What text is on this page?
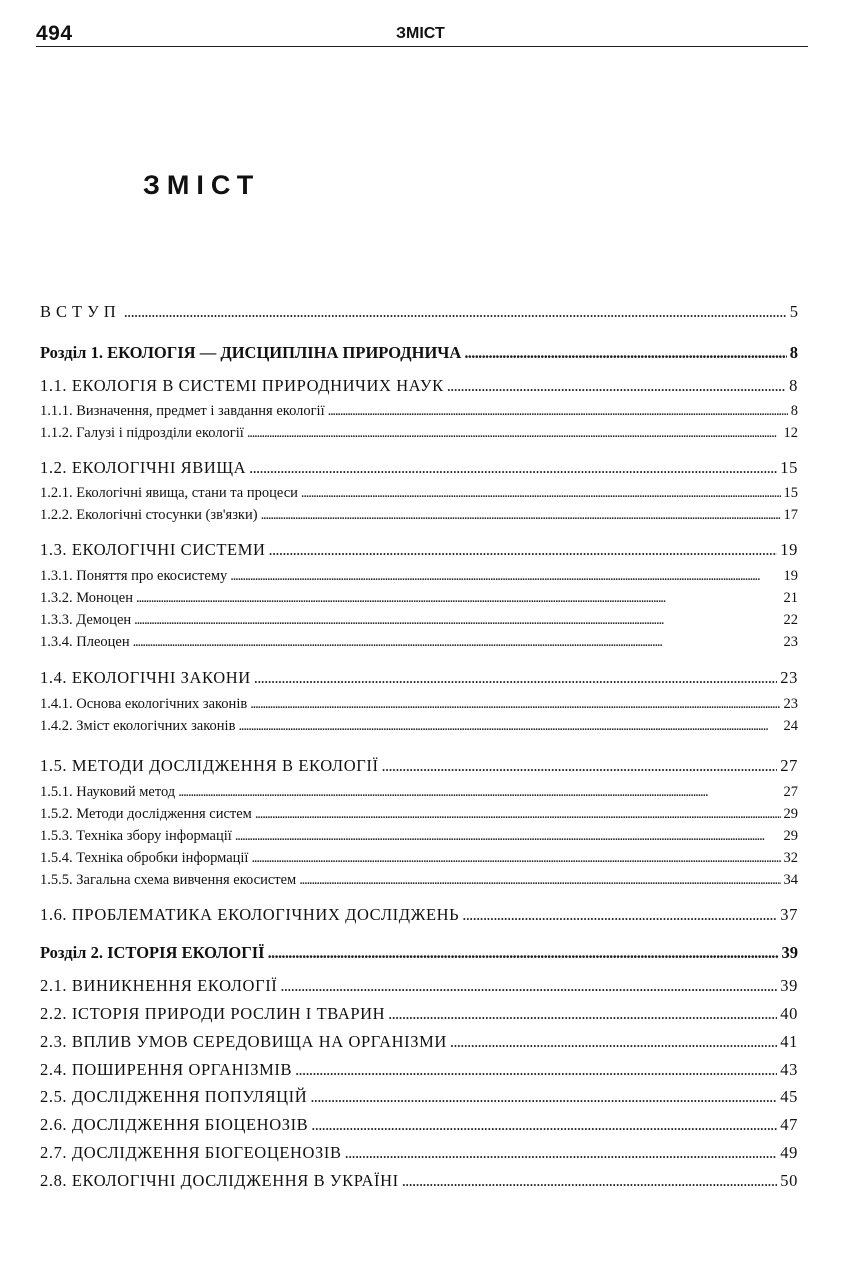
494	ЗМІСТ
ЗМІСТ
ВСТУП . . .	5
Розділ 1. ЕКОЛОГІЯ — ДИСЦИПЛІНА ПРИРОДНИЧА . . .	8
1.1. ЕКОЛОГІЯ В СИСТЕМІ ПРИРОДНИЧИХ НАУК . . .	8
1.1.1. Визначення, предмет і завдання екології . . .	8
1.1.2. Галузі і підрозділи екології . . .	12
1.2. ЕКОЛОГІЧНІ ЯВИЩА . . .	15
1.2.1. Екологічні явища, стани та процеси . . .	15
1.2.2. Екологічні стосунки (зв'язки) . . .	17
1.3. ЕКОЛОГІЧНІ СИСТЕМИ . . .	19
1.3.1. Поняття про екосистему . . .	19
1.3.2. Моноцен . . .	21
1.3.3. Демоцен . . .	22
1.3.4. Плеоцен . . .	23
1.4. ЕКОЛОГІЧНІ ЗАКОНИ . . .	23
1.4.1. Основа екологічних законів . . .	23
1.4.2. Зміст екологічних законів . . .	24
1.5. МЕТОДИ ДОСЛІДЖЕННЯ В ЕКОЛОГІЇ . . .	27
1.5.1. Науковий метод . . .	27
1.5.2. Методи дослідження систем . . .	29
1.5.3. Техніка збору інформації . . .	29
1.5.4. Техніка обробки інформації . . .	32
1.5.5. Загальна схема вивчення екосистем . . .	34
1.6. ПРОБЛЕМАТИКА ЕКОЛОГІЧНИХ ДОСЛІДЖЕНЬ . . .	37
Розділ 2. ІСТОРІЯ ЕКОЛОГІЇ . . .	39
2.1. ВИНИКНЕННЯ ЕКОЛОГІЇ . . .	39
2.2. ІСТОРІЯ ПРИРОДИ РОСЛИН І ТВАРИН . . .	40
2.3. ВПЛИВ УМОВ СЕРЕДОВИЩА НА ОРГАНІЗМИ . . .	41
2.4. ПОШИРЕННЯ ОРГАНІЗМІВ . . .	43
2.5. ДОСЛІДЖЕННЯ ПОПУЛЯЦІЙ . . .	45
2.6. ДОСЛІДЖЕННЯ БІОЦЕНОЗІВ . . .	47
2.7. ДОСЛІДЖЕННЯ БІОГЕОЦЕНОЗІВ . . .	49
2.8. ЕКОЛОГІЧНІ ДОСЛІДЖЕННЯ В УКРАЇНІ . . .	50
